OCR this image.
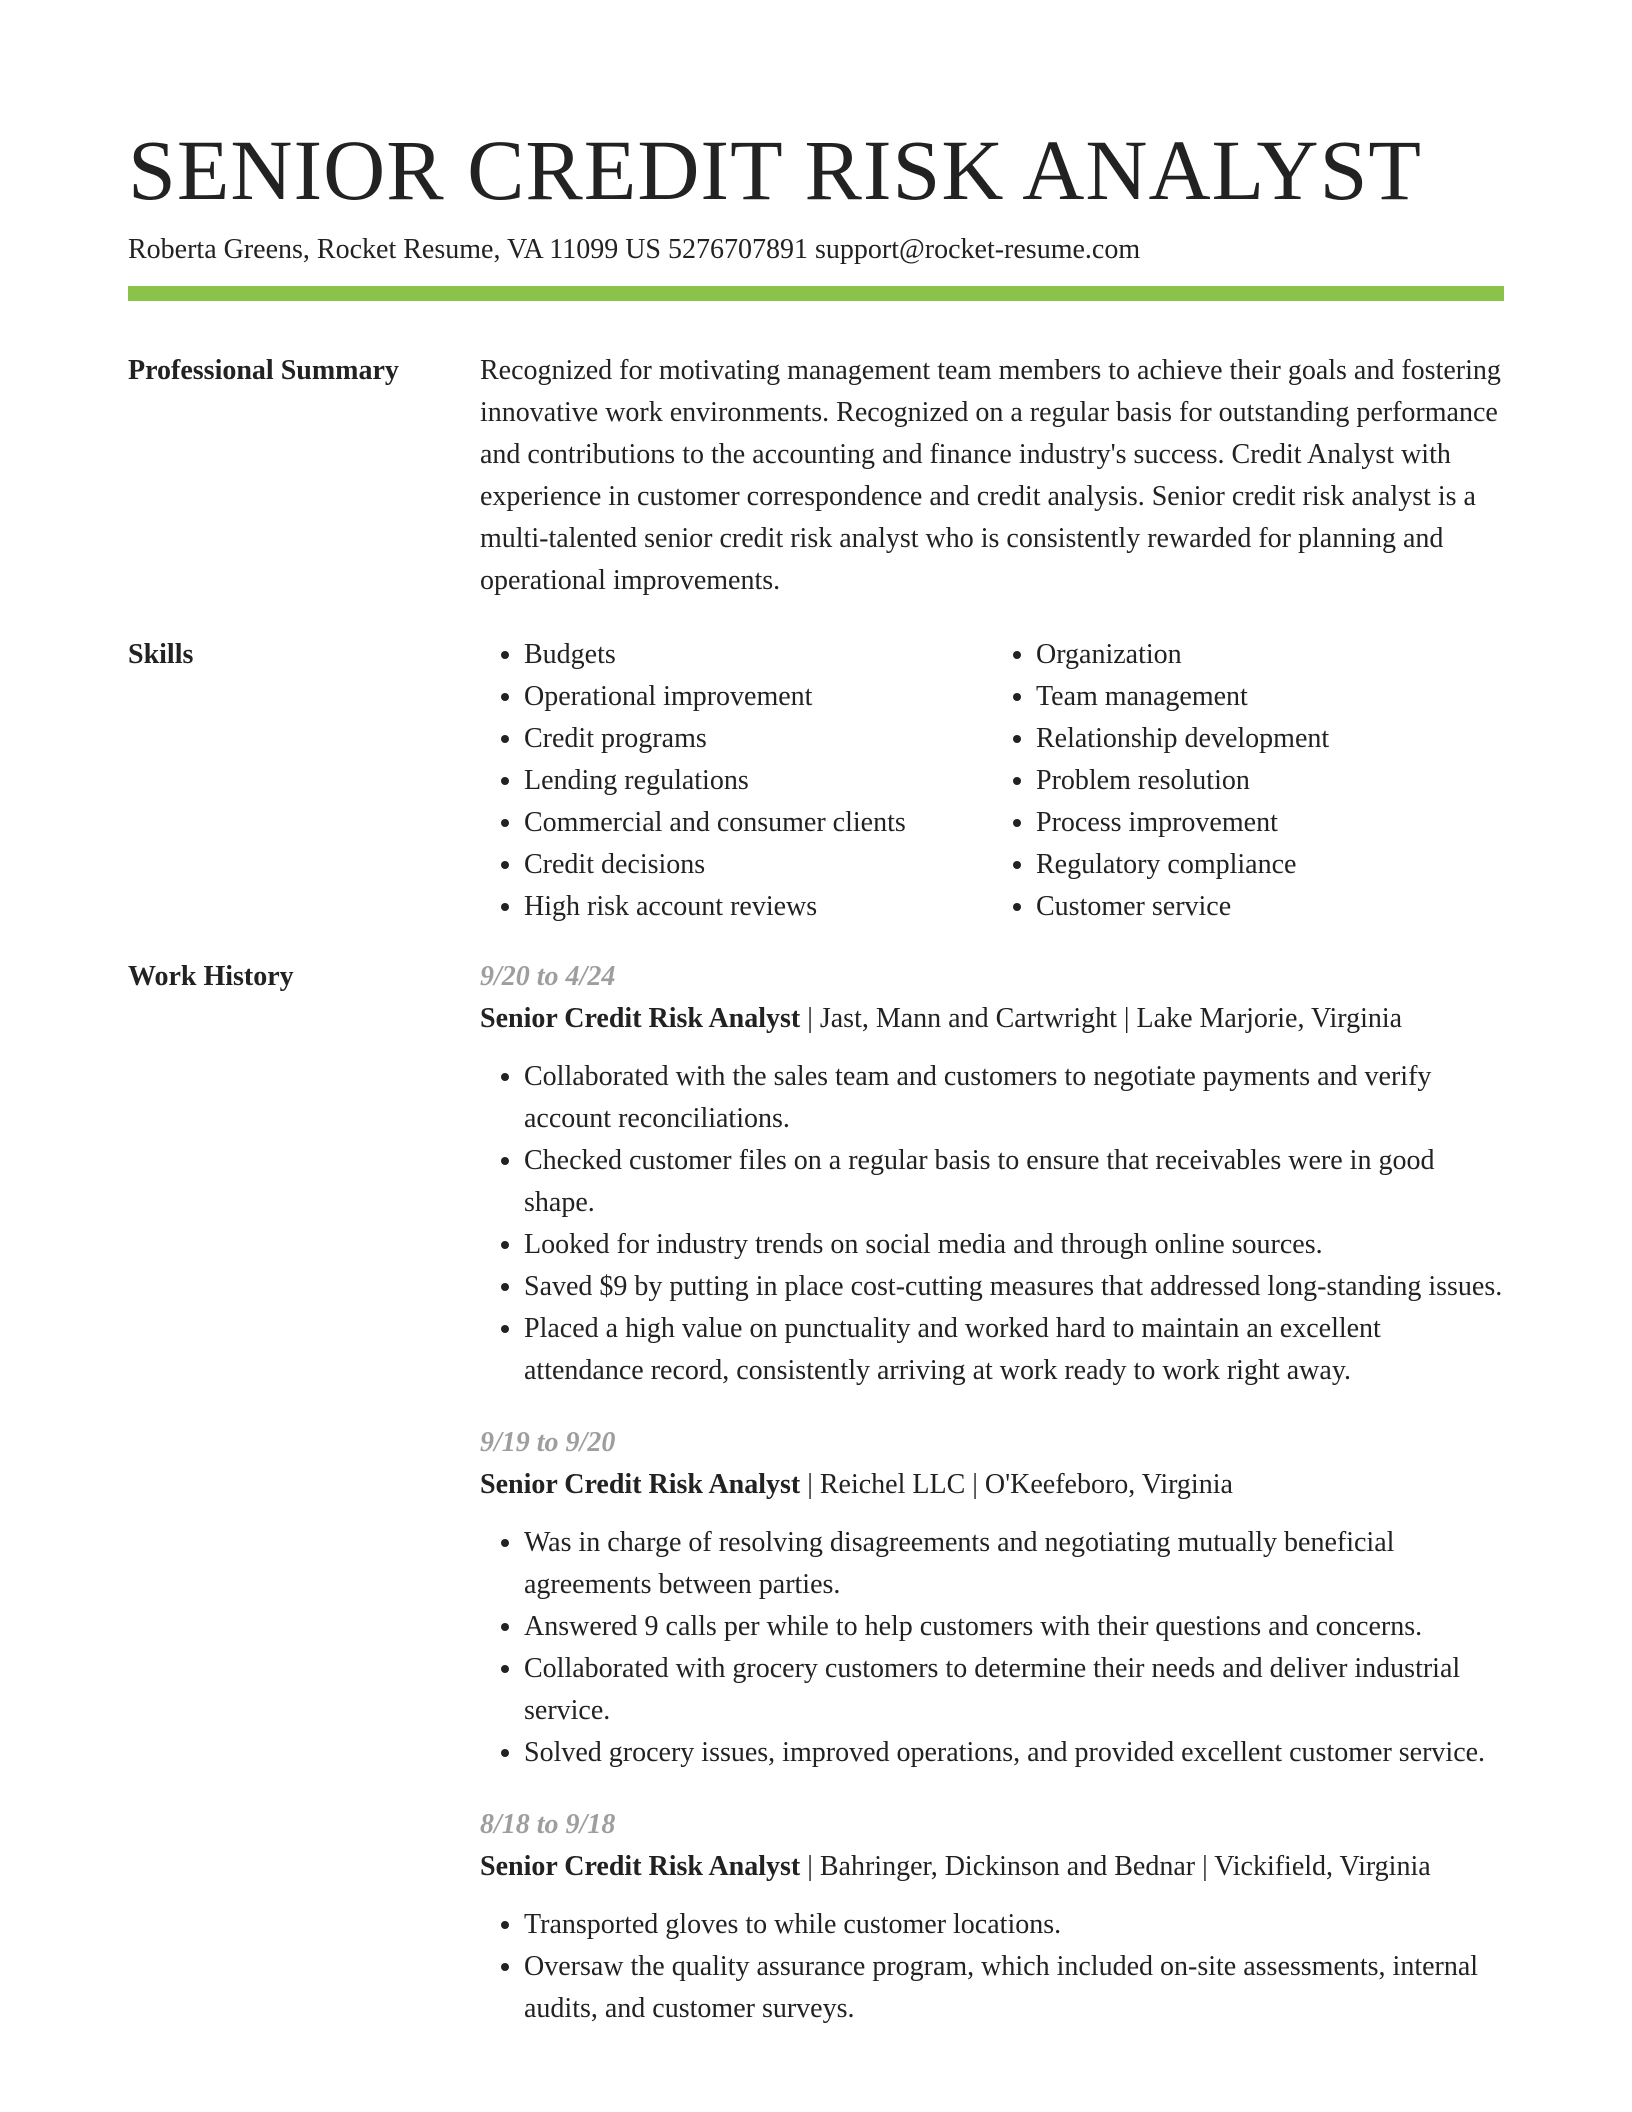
SENIOR CREDIT RISK ANALYST
Roberta Greens, Rocket Resume, VA 11099 US 5276707891 support@rocket-resume.com
Professional Summary	Recognized for motivating management team members to achieve their goals and fostering innovative work environments. Recognized on a regular basis for outstanding performance and contributions to the accounting and finance industry's success. Credit Analyst with experience in customer correspondence and credit analysis. Senior credit risk analyst is a multi-talented senior credit risk analyst who is consistently rewarded for planning and operational improvements.

Skills
•	Budgets
• Operational improvement
• Credit programs
• Lending regulations
• Commercial and consumer clients
• Credit decisions
• High risk account reviews
• Organization
• Team management
• Relationship development
• Problem resolution
• Process improvement
• Regulatory compliance
• Customer service
Work History	9/20 to 4/24
Senior Credit Risk Analyst | Jast, Mann and Cartwright | Lake Marjorie, Virginia
• Collaborated with the sales team and customers to negotiate payments and verify account reconciliations.
• Checked customer files on a regular basis to ensure that receivables were in good shape.
• Looked for industry trends on social media and through online sources.
• Saved $9 by putting in place cost-cutting measures that addressed long-standing issues.
• Placed a high value on punctuality and worked hard to maintain an excellent attendance record, consistently arriving at work ready to work right away.
9/19 to 9/20
Senior Credit Risk Analyst | Reichel LLC | O'Keefeboro, Virginia
• Was in charge of resolving disagreements and negotiating mutually beneficial agreements between parties.
• Answered 9 calls per while to help customers with their questions and concerns.
• Collaborated with grocery customers to determine their needs and deliver industrial service.
• Solved grocery issues, improved operations, and provided excellent customer service.
8/18 to 9/18
Senior Credit Risk Analyst | Bahringer, Dickinson and Bednar | Vickifield, Virginia
• Transported gloves to while customer locations.
• Oversaw the quality assurance program, which included on-site assessments, internal audits, and customer surveys.
